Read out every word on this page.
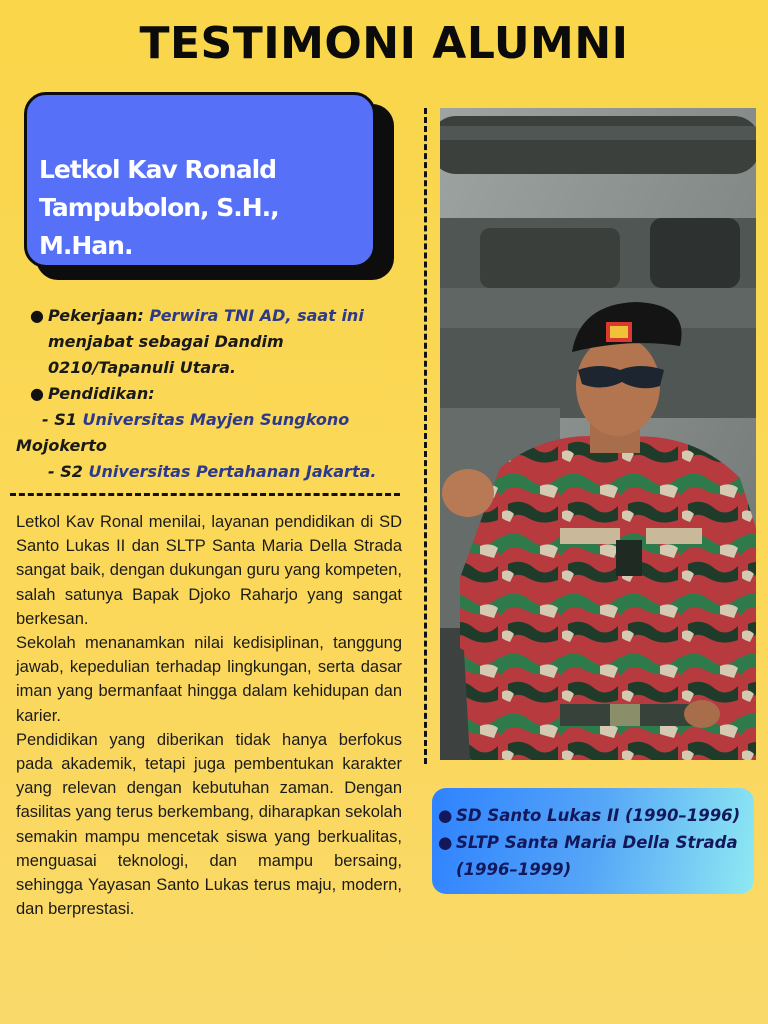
TESTIMONI ALUMNI
Letkol Kav Ronald
Tampubolon, S.H., M.Han.
● Pekerjaan: Perwira TNI AD, saat ini
menjabat sebagai Dandim
0210/Tapanuli Utara.
● Pendidikan:
- S1 Universitas Mayjen Sungkono
Mojokerto
- S2 Universitas Pertahanan Jakarta.

Letkol Kav Ronal menilai, layanan pendidikan di SD Santo Lukas II dan SLTP Santa Maria Della Strada sangat baik, dengan dukungan guru yang kompeten, salah satunya Bapak Djoko Raharjo yang sangat berkesan.

Sekolah menanamkan nilai kedisiplinan, tanggung jawab, kepedulian terhadap lingkungan, serta dasar iman yang bermanfaat hingga dalam kehidupan dan karier.

Pendidikan yang diberikan tidak hanya berfokus pada akademik, tetapi juga pembentukan karakter yang relevan dengan kebutuhan zaman. Dengan fasilitas yang terus berkembang, diharapkan sekolah semakin mampu mencetak siswa yang berkualitas, menguasai teknologi, dan mampu bersaing, sehingga Yayasan Santo Lukas terus maju, modern, dan berprestasi.

● SD Santo Lukas II (1990–1996)
● SLTP Santa Maria Della Strada
(1996–1999)
